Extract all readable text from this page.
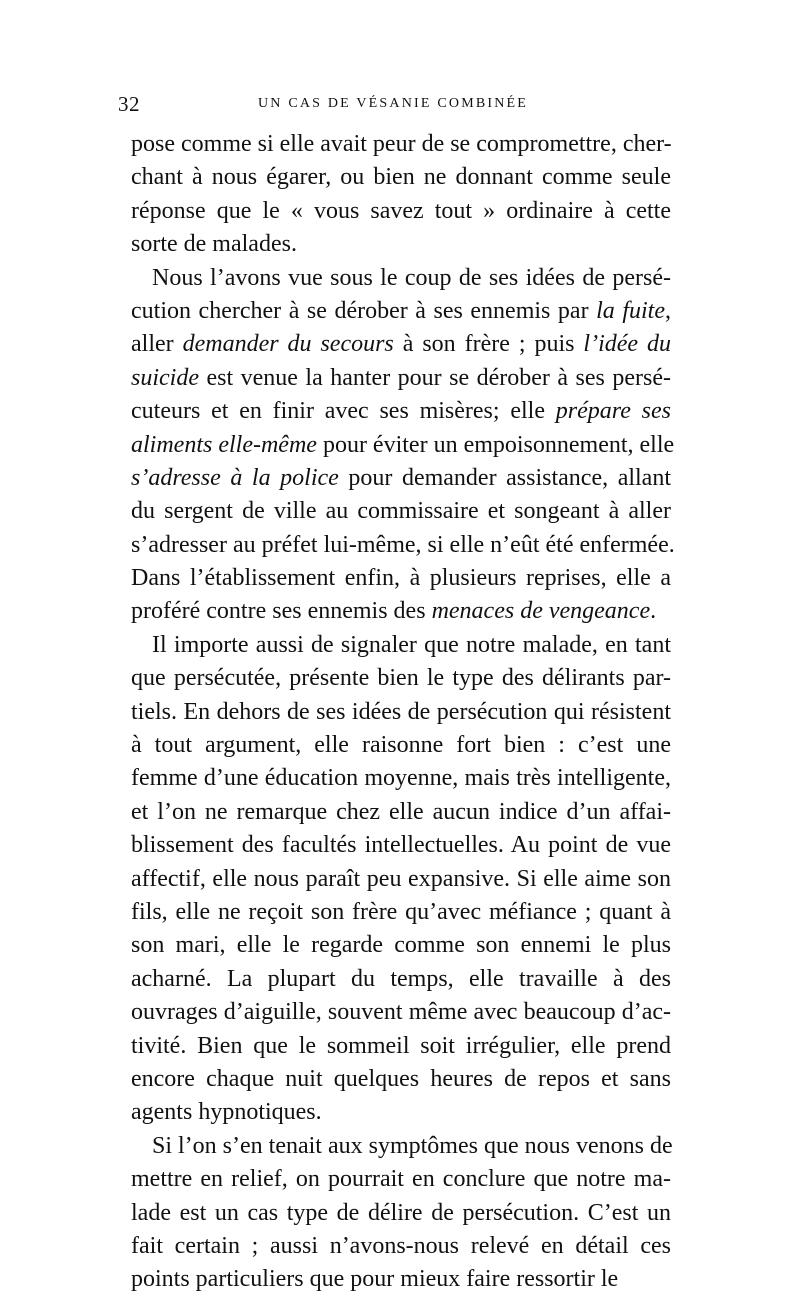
32	UN CAS DE VÉSANIE COMBINÉE
pose comme si elle avait peur de se compromettre, cher-
chant à nous égarer, ou bien ne donnant comme seule
réponse que le « vous savez tout » ordinaire à cette
sorte de malades.
Nous l’avons vue sous le coup de ses idées de persé-
cution chercher à se dérober à ses ennemis par la fuite,
aller demander du secours à son frère ; puis l’idée du
suicide est venue la hanter pour se dérober à ses persé-
cuteurs et en finir avec ses misères; elle prépare ses
aliments elle-même pour éviter un empoisonnement, elle
s’adresse à la police pour demander assistance, allant
du sergent de ville au commissaire et songeant à aller
s’adresser au préfet lui-même, si elle n’eût été enfermée.
Dans l’établissement enfin, à plusieurs reprises, elle a
proféré contre ses ennemis des menaces de vengeance.
Il importe aussi de signaler que notre malade, en tant
que persécutée, présente bien le type des délirants par-
tiels. En dehors de ses idées de persécution qui résistent
à tout argument, elle raisonne fort bien : c’est une
femme d’une éducation moyenne, mais très intelligente,
et l’on ne remarque chez elle aucun indice d’un affai-
blissement des facultés intellectuelles. Au point de vue
affectif, elle nous paraît peu expansive. Si elle aime son
fils, elle ne reçoit son frère qu’avec méfiance ; quant à
son mari, elle le regarde comme son ennemi le plus
acharné. La plupart du temps, elle travaille à des
ouvrages d’aiguille, souvent même avec beaucoup d’ac-
tivité. Bien que le sommeil soit irrégulier, elle prend
encore chaque nuit quelques heures de repos et sans
agents hypnotiques.
Si l’on s’en tenait aux symptômes que nous venons de
mettre en relief, on pourrait en conclure que notre ma-
lade est un cas type de délire de persécution. C’est un
fait certain ; aussi n’avons-nous relevé en détail ces
points particuliers que pour mieux faire ressortir le
